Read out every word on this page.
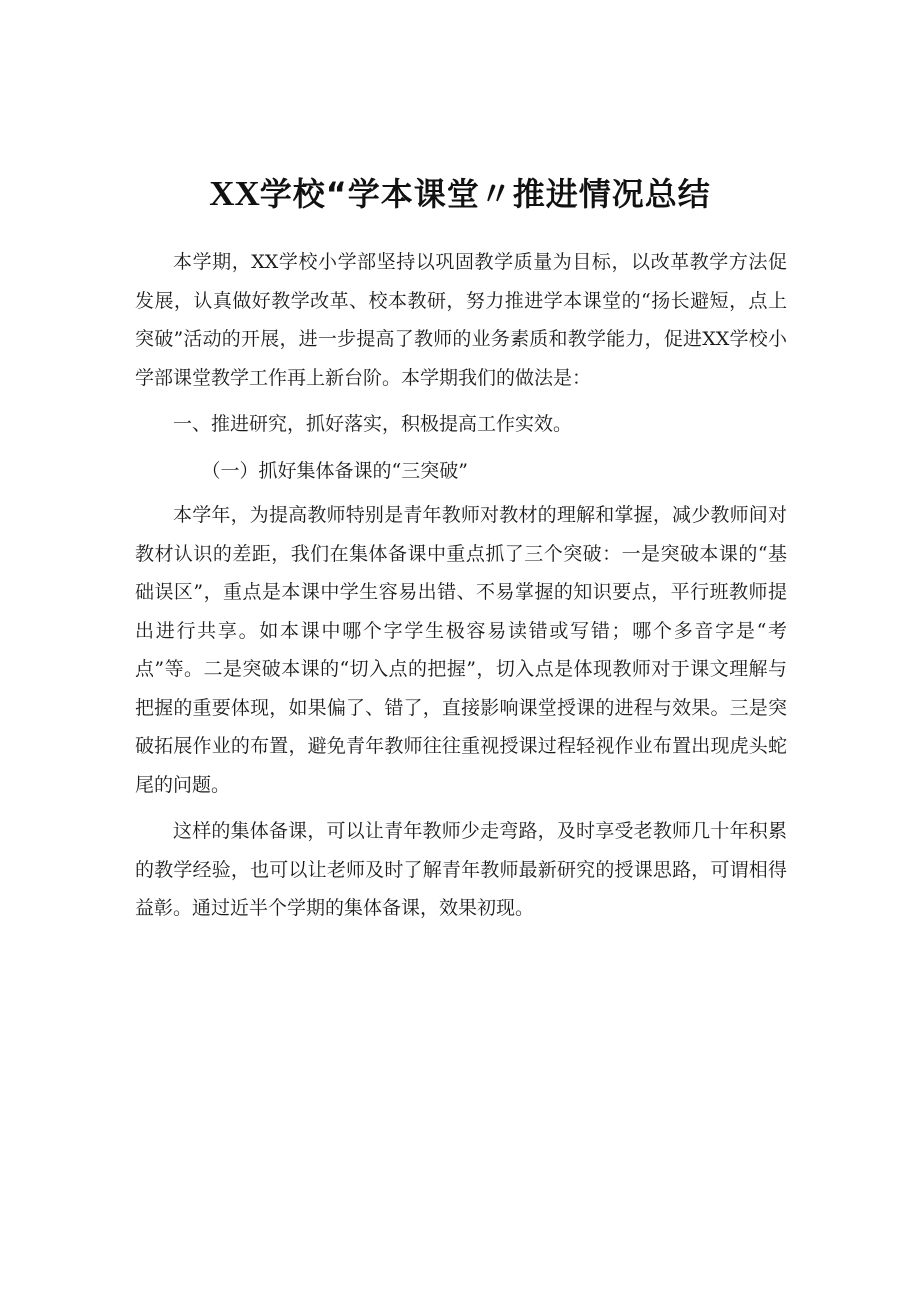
XX学校“学本课堂〃推进情况总结

本学期，XX学校小学部坚持以巩固教学质量为目标，以改革教学方法促发展，认真做好教学改革、校本教研，努力推进学本课堂的“扬长避短，点上突破”活动的开展，进一步提高了教师的业务素质和教学能力，促进XX学校小学部课堂教学工作再上新台阶。本学期我们的做法是：

一、推进研究，抓好落实，积极提高工作实效。

（一）抓好集体备课的“三突破”

本学年，为提高教师特别是青年教师对教材的理解和掌握，减少教师间对教材认识的差距，我们在集体备课中重点抓了三个突破：一是突破本课的“基础误区”，重点是本课中学生容易出错、不易掌握的知识要点，平行班教师提出进行共享。如本课中哪个字学生极容易读错或写错；哪个多音字是“考点”等。二是突破本课的“切入点的把握”，切入点是体现教师对于课文理解与把握的重要体现，如果偏了、错了，直接影响课堂授课的进程与效果。三是突破拓展作业的布置，避免青年教师往往重视授课过程轻视作业布置出现虎头蛇尾的问题。

这样的集体备课，可以让青年教师少走弯路，及时享受老教师几十年积累的教学经验，也可以让老师及时了解青年教师最新研究的授课思路，可谓相得益彰。通过近半个学期的集体备课，效果初现。
